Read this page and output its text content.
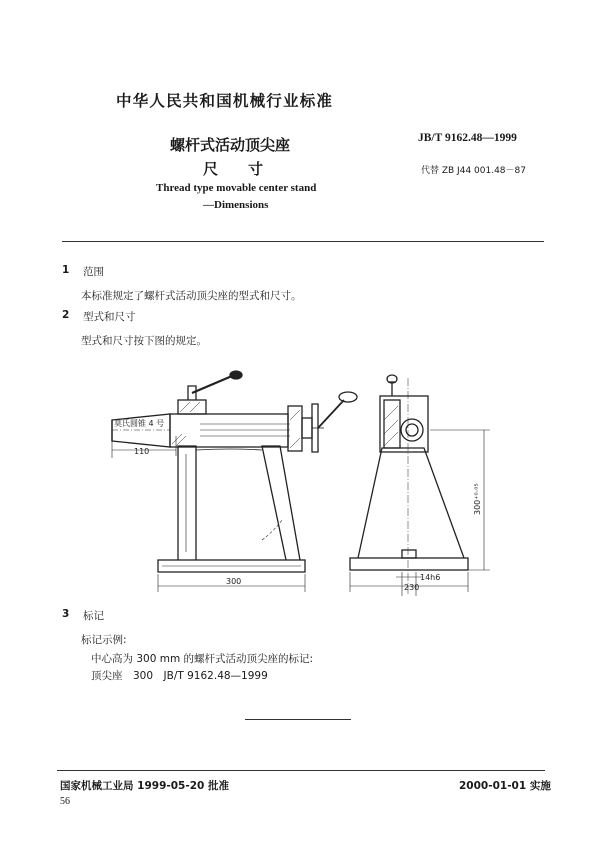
中华人民共和国机械行业标准
螺杆式活动顶尖座
尺　　寸
Thread type movable center stand
—Dimensions
JB/T 9162.48—1999
代替 ZB J44 001.48－87
1 范围
本标准规定了螺杆式活动顶尖座的型式和尺寸。
2 型式和尺寸
型式和尺寸按下图的规定。
莫氏圆锥 4 号
110
300
300⁺⁰·⁰⁵
14h6
230
3 标记
标记示例:
中心高为 300 mm 的螺杆式活动顶尖座的标记:
顶尖座　300　JB/T 9162.48—1999
国家机械工业局 1999-05-20 批准	2000-01-01 实施
56
